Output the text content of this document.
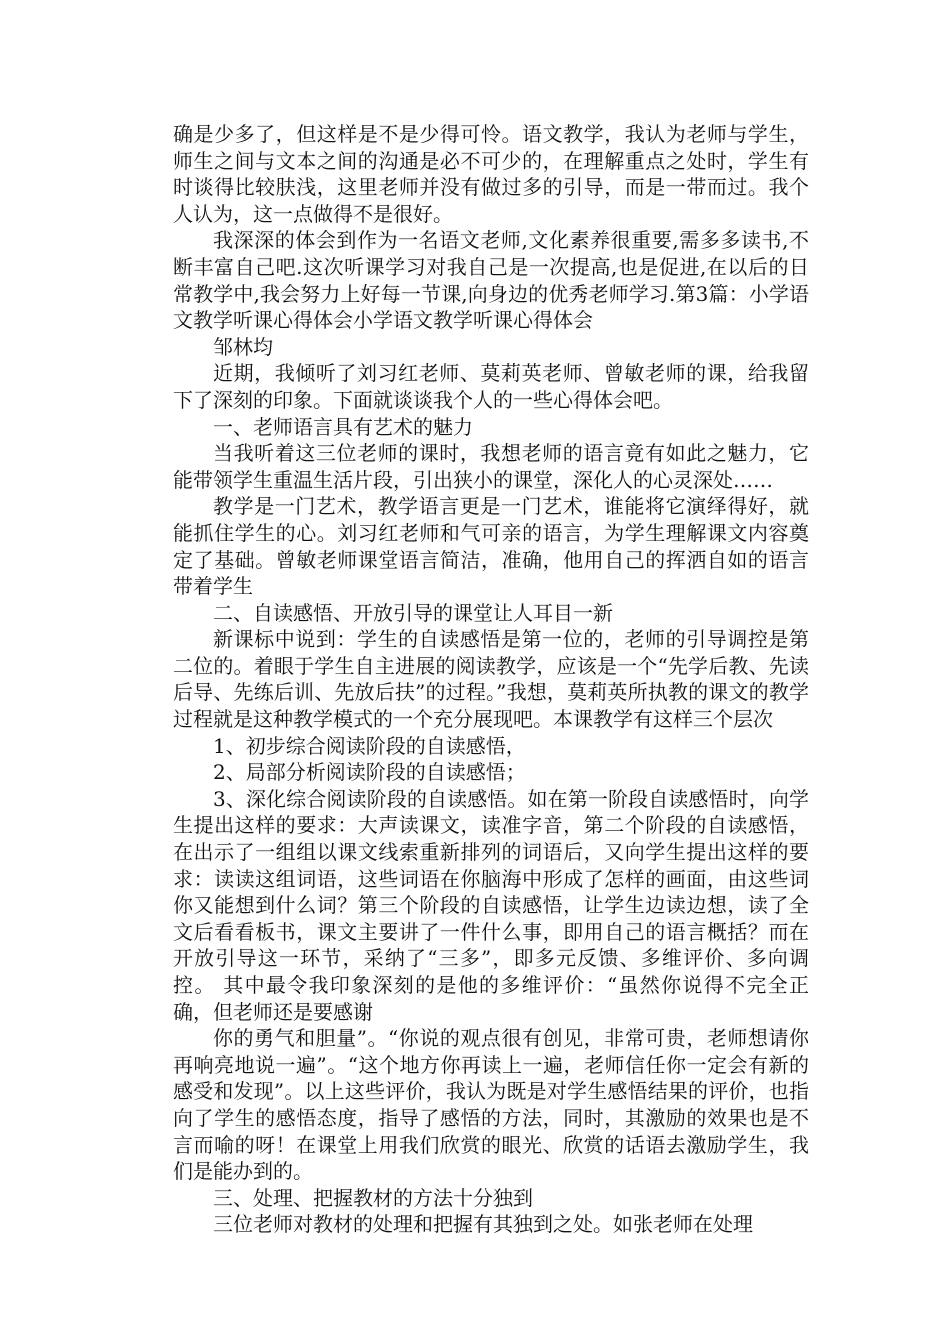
确是少多了，但这样是不是少得可怜。语文教学，我认为老师与学生，师生之间与文本之间的沟通是必不可少的，在理解重点之处时，学生有时谈得比较肤浅，这里老师并没有做过多的引导，而是一带而过。我个人认为，这一点做得不是很好。

我深深的体会到作为一名语文老师,文化素养很重要,需多多读书,不断丰富自己吧.这次听课学习对我自己是一次提高,也是促进,在以后的日常教学中,我会努力上好每一节课,向身边的优秀老师学习.第3篇：小学语文教学听课心得体会小学语文教学听课心得体会

邹林均

近期，我倾听了刘习红老师、莫莉英老师、曾敏老师的课，给我留下了深刻的印象。下面就谈谈我个人的一些心得体会吧。

一、老师语言具有艺术的魅力

当我听着这三位老师的课时，我想老师的语言竟有如此之魅力，它能带领学生重温生活片段，引出狭小的课堂，深化人的心灵深处……

教学是一门艺术，教学语言更是一门艺术，谁能将它演绎得好，就能抓住学生的心。刘习红老师和气可亲的语言，为学生理解课文内容奠定了基础。曾敏老师课堂语言简洁，准确，他用自己的挥洒自如的语言带着学生

二、自读感悟、开放引导的课堂让人耳目一新

新课标中说到：学生的自读感悟是第一位的，老师的引导调控是第二位的。着眼于学生自主进展的阅读教学，应该是一个“先学后教、先读后导、先练后训、先放后扶”的过程。”我想，莫莉英所执教的课文的教学过程就是这种教学模式的一个充分展现吧。本课教学有这样三个层次

1、初步综合阅读阶段的自读感悟，

2、局部分析阅读阶段的自读感悟；

3、深化综合阅读阶段的自读感悟。如在第一阶段自读感悟时，向学生提出这样的要求：大声读课文，读准字音，第二个阶段的自读感悟，在出示了一组组以课文线索重新排列的词语后，又向学生提出这样的要求：读读这组词语，这些词语在你脑海中形成了怎样的画面，由这些词你又能想到什么词？第三个阶段的自读感悟，让学生边读边想，读了全文后看看板书，课文主要讲了一件什么事，即用自己的语言概括？而在开放引导这一环节，采纳了“三多”，即多元反馈、多维评价、多向调控。 其中最令我印象深刻的是他的多维评价：“虽然你说得不完全正确，但老师还是要感谢

你的勇气和胆量”。“你说的观点很有创见，非常可贵，老师想请你再响亮地说一遍”。“这个地方你再读上一遍，老师信任你一定会有新的感受和发现”。以上这些评价，我认为既是对学生感悟结果的评价，也指向了学生的感悟态度，指导了感悟的方法，同时，其激励的效果也是不言而喻的呀！在课堂上用我们欣赏的眼光、欣赏的话语去激励学生，我们是能办到的。

三、处理、把握教材的方法十分独到

三位老师对教材的处理和把握有其独到之处。如张老师在处理
